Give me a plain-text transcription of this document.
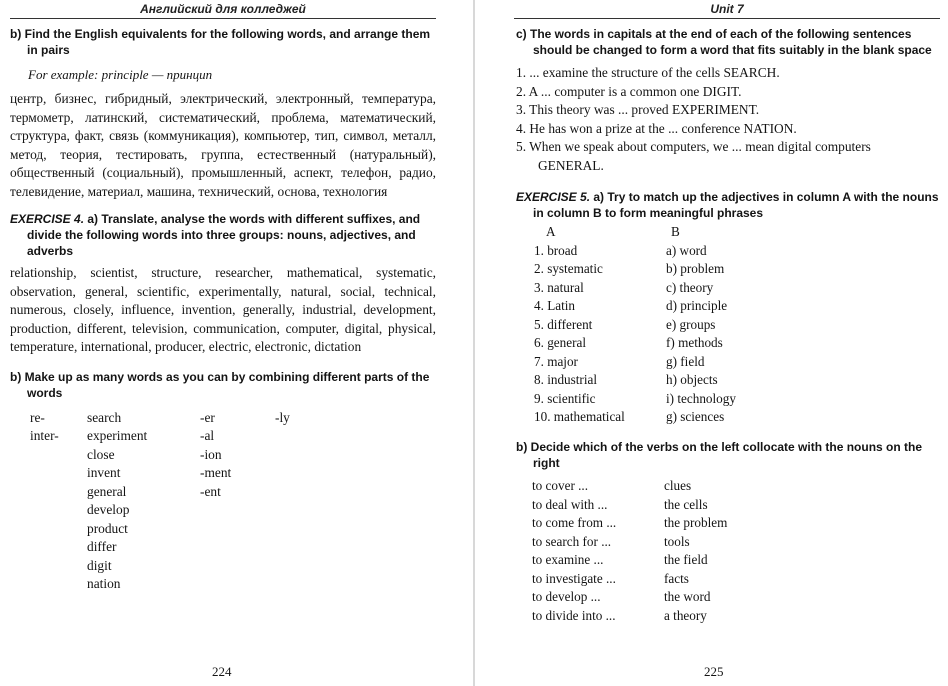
Английский для колледжей
b) Find the English equivalents for the following words, and arrange them in pairs
For example: principle — принцип
центр, бизнес, гибридный, электрический, электронный, температура, термометр, латинский, систематический, проблема, математический, структура, факт, связь (коммуникация), компьютер, тип, символ, металл, метод, теория, тестировать, группа, естественный (натуральный), общественный (социальный), промышленный, аспект, телефон, радио, телевидение, материал, машина, технический, основа, технология
EXERCISE 4. a) Translate, analyse the words with different suffixes, and divide the following words into three groups: nouns, adjectives, and adverbs
relationship, scientist, structure, researcher, mathematical, systematic, observation, general, scientific, experimentally, natural, social, technical, numerous, closely, influence, invention, generally, industrial, development, production, different, television, communication, computer, digital, physical, temperature, international, producer, electric, electronic, dictation
b) Make up as many words as you can by combining different parts of the words
re-
inter-
search
experiment
close
invent
general
develop
product
differ
digit
nation
-er
-al
-ion
-ment
-ent
-ly
224
Unit 7
c) The words in capitals at the end of each of the following sentences should be changed to form a word that fits suitably in the blank space
1. ... examine the structure of the cells SEARCH.
2. A ... computer is a common one DIGIT.
3. This theory was ... proved EXPERIMENT.
4. He has won a prize at the ... conference NATION.
5. When we speak about computers, we ... mean digital computers GENERAL.
EXERCISE 5. a) Try to match up the adjectives in column A with the nouns in column B to form meaningful phrases
A
1. broad
2. systematic
3. natural
4. Latin
5. different
6. general
7. major
8. industrial
9. scientific
10. mathematical
B
a) word
b) problem
c) theory
d) principle
e) groups
f) methods
g) field
h) objects
i) technology
g) sciences
b) Decide which of the verbs on the left collocate with the nouns on the right
to cover ...
to deal with ...
to come from ...
to search for ...
to examine ...
to investigate ...
to develop ...
to divide into ...
clues
the cells
the problem
tools
the field
facts
the word
a theory
225
